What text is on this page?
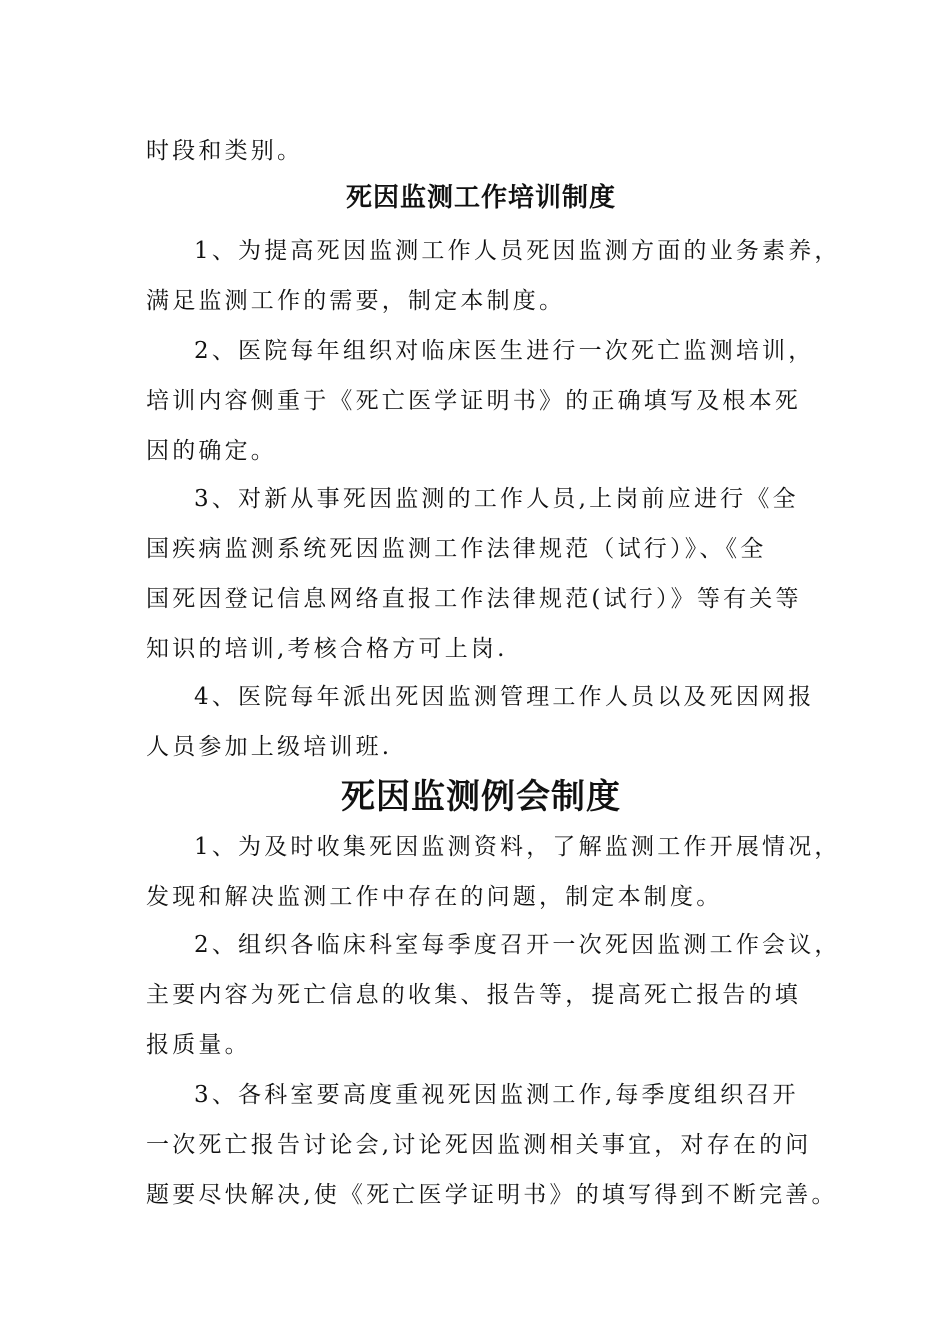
时段和类别。
死因监测工作培训制度
1、为提高死因监测工作人员死因监测方面的业务素养，
满足监测工作的需要，制定本制度。
2、医院每年组织对临床医生进行一次死亡监测培训，
培训内容侧重于《死亡医学证明书》的正确填写及根本死
因的确定。
3、对新从事死因监测的工作人员,上岗前应进行《全
国疾病监测系统死因监测工作法律规范（试行）》、《全
国死因登记信息网络直报工作法律规范(试行）》等有关等
知识的培训,考核合格方可上岗.
4、医院每年派出死因监测管理工作人员以及死因网报
人员参加上级培训班.
死因监测例会制度
1、为及时收集死因监测资料，了解监测工作开展情况，
发现和解决监测工作中存在的问题，制定本制度。
2、组织各临床科室每季度召开一次死因监测工作会议，
主要内容为死亡信息的收集、报告等，提高死亡报告的填
报质量。
3、各科室要高度重视死因监测工作,每季度组织召开
一次死亡报告讨论会,讨论死因监测相关事宜，对存在的问
题要尽快解决,使《死亡医学证明书》的填写得到不断完善。
